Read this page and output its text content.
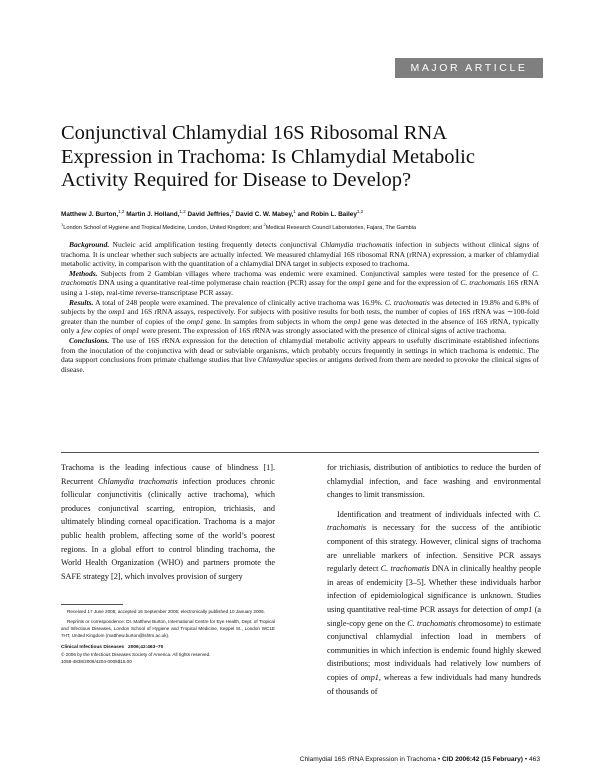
MAJOR ARTICLE
Conjunctival Chlamydial 16S Ribosomal RNA
Expression in Trachoma: Is Chlamydial Metabolic
Activity Required for Disease to Develop?
Matthew J. Burton,$^{1,2}$ Martin J. Holland,$^{1,2}$ David Jeffries,$^2$ David C. W. Mabey,$^1$ and Robin L. Bailey$^{1,2}$
$^1$London School of Hygiene and Tropical Medicine, London, United Kingdom; and $^2$Medical Research Council Laboratories, Fajara, The Gambia

Background. Nucleic acid amplification testing frequently detects conjunctival Chlamydia trachomatis infection in subjects without clinical signs of trachoma. It is unclear whether such subjects are actually infected. We measured chlamydial 16S ribosomal RNA (rRNA) expression, a marker of chlamydial metabolic activity, in comparison with the quantitation of a chlamydial DNA target in subjects exposed to trachoma.

Methods. Subjects from 2 Gambian villages where trachoma was endemic were examined. Conjunctival samples were tested for the presence of C. trachomatis DNA using a quantitative real-time polymerase chain reaction (PCR) assay for the omp1 gene and for the expression of C. trachomatis 16S rRNA using a 1-step, real-time reverse-transcriptase PCR assay.

Results. A total of 248 people were examined. The prevalence of clinically active trachoma was 16.9%. C. trachomatis was detected in 19.8% and 6.8% of subjects by the omp1 and 16S rRNA assays, respectively. For subjects with positive results for both tests, the number of copies of 16S rRNA was ∼100-fold greater than the number of copies of the omp1 gene. In samples from subjects in whom the omp1 gene was detected in the absence of 16S rRNA, typically only a few copies of omp1 were present. The expression of 16S rRNA was strongly associated with the presence of clinical signs of active trachoma.

Conclusions. The use of 16S rRNA expression for the detection of chlamydial metabolic activity appears to usefully discriminate established infections from the inoculation of the conjunctiva with dead or subviable organisms, which probably occurs frequently in settings in which trachoma is endemic. The data support conclusions from primate challenge studies that live Chlamydiae species or antigens derived from them are needed to provoke the clinical signs of disease.

Trachoma is the leading infectious cause of blindness [1]. Recurrent Chlamydia trachomatis infection produces chronic follicular conjunctivitis (clinically active trachoma), which produces conjunctival scarring, entropion, trichiasis, and ultimately blinding corneal opacification. Trachoma is a major public health problem, affecting some of the world’s poorest regions. In a global effort to control blinding trachoma, the World Health Organization (WHO) and partners promote the SAFE strategy [2], which involves provision of surgery

Received 17 June 2005; accepted 16 September 2005; electronically published 10 January 2006.

Reprints or correspondence: Dr. Matthew Burton, International Centre for Eye Health, Dept. of Tropical and Infectious Diseases, London School of Hygiene and Tropical Medicine, Keppel St., London WC1E 7HT, United Kingdom (matthew.burton@lshtm.ac.uk).

Clinical Infectious Diseases 2006;42:463–70

© 2006 by the Infectious Diseases Society of America. All rights reserved.

1058-4838/2006/4204-0005$15.00

for trichiasis, distribution of antibiotics to reduce the burden of chlamydial infection, and face washing and environmental changes to limit transmission.

Identification and treatment of individuals infected with C. trachomatis is necessary for the success of the antibiotic component of this strategy. However, clinical signs of trachoma are unreliable markers of infection. Sensitive PCR assays regularly detect C. trachomatis DNA in clinically healthy people in areas of endemicity [3–5]. Whether these individuals harbor infection of epidemiological significance is unknown. Studies using quantitative real-time PCR assays for detection of omp1 (a single-copy gene on the C. trachomatis chromosome) to estimate conjunctival chlamydial infection load in members of communities in which infection is endemic found highly skewed distributions; most individuals had relatively low numbers of copies of omp1, whereas a few individuals had many hundreds of thousands of

Chlamydial 16S rRNA Expression in Trachoma • CID 2006:42 (15 February) • 463
